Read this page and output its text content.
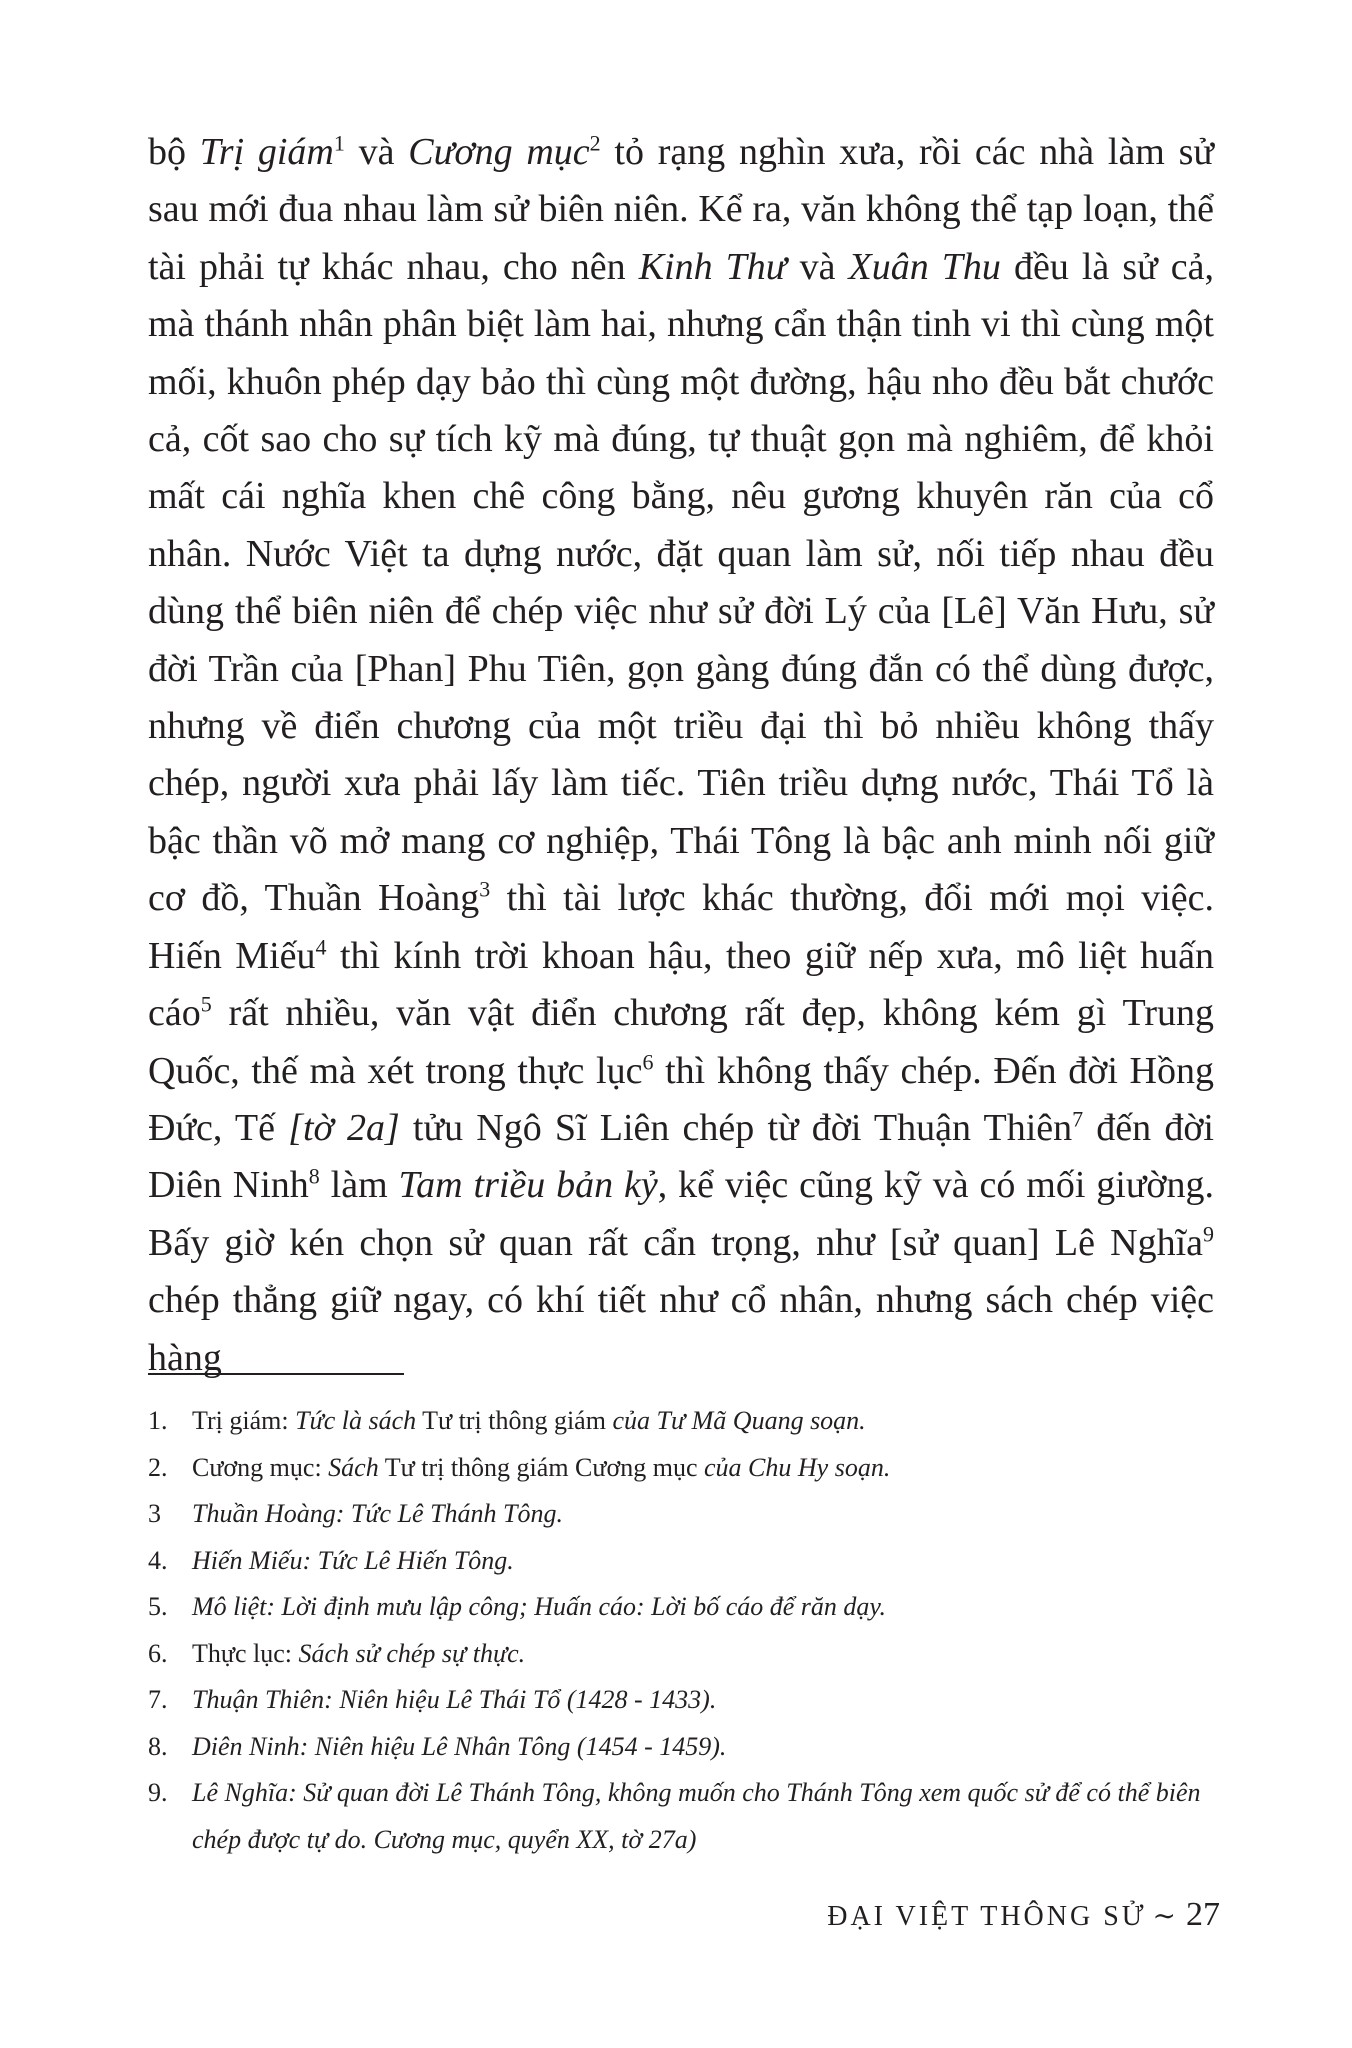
bộ Trị giám$^1$ và Cương mục$^2$ tỏ rạng nghìn xưa, rồi các nhà làm sử sau mới đua nhau làm sử biên niên. Kể ra, văn không thể tạp loạn, thể tài phải tự khác nhau, cho nên Kinh Thư và Xuân Thu đều là sử cả, mà thánh nhân phân biệt làm hai, nhưng cẩn thận tinh vi thì cùng một mối, khuôn phép dạy bảo thì cùng một đường, hậu nho đều bắt chước cả, cốt sao cho sự tích kỹ mà đúng, tự thuật gọn mà nghiêm, để khỏi mất cái nghĩa khen chê công bằng, nêu gương khuyên răn của cổ nhân. Nước Việt ta dựng nước, đặt quan làm sử, nối tiếp nhau đều dùng thể biên niên để chép việc như sử đời Lý của [Lê] Văn Hưu, sử đời Trần của [Phan] Phu Tiên, gọn gàng đúng đắn có thể dùng được, nhưng về điển chương của một triều đại thì bỏ nhiều không thấy chép, người xưa phải lấy làm tiếc. Tiên triều dựng nước, Thái Tổ là bậc thần võ mở mang cơ nghiệp, Thái Tông là bậc anh minh nối giữ cơ đồ, Thuần Hoàng$^3$ thì tài lược khác thường, đổi mới mọi việc. Hiến Miếu$^4$ thì kính trời khoan hậu, theo giữ nếp xưa, mô liệt huấn cáo$^5$ rất nhiều, văn vật điển chương rất đẹp, không kém gì Trung Quốc, thế mà xét trong thực lục$^6$ thì không thấy chép. Đến đời Hồng Đức, Tế [tờ 2a] tửu Ngô Sĩ Liên chép từ đời Thuận Thiên$^7$ đến đời Diên Ninh$^8$ làm Tam triều bản kỷ, kể việc cũng kỹ và có mối giường. Bấy giờ kén chọn sử quan rất cẩn trọng, như [sử quan] Lê Nghĩa$^9$ chép thẳng giữ ngay, có khí tiết như cổ nhân, nhưng sách chép việc hàng

1. Trị giám: Tức là sách Tư trị thông giám của Tư Mã Quang soạn.
2. Cương mục: Sách Tư trị thông giám Cương mục của Chu Hy soạn.
3 Thuần Hoàng: Tức Lê Thánh Tông.
4. Hiến Miếu: Tức Lê Hiến Tông.
5. Mô liệt: Lời định mưu lập công; Huấn cáo: Lời bố cáo để răn dạy.
6. Thực lục: Sách sử chép sự thực.
7. Thuận Thiên: Niên hiệu Lê Thái Tổ (1428 - 1433).
8. Diên Ninh: Niên hiệu Lê Nhân Tông (1454 - 1459).
9. Lê Nghĩa: Sử quan đời Lê Thánh Tông, không muốn cho Thánh Tông xem quốc sử để có thể biên chép được tự do. Cương mục, quyển XX, tờ 27a)
ĐẠI VIỆT THÔNG SỬ ∼ 27
